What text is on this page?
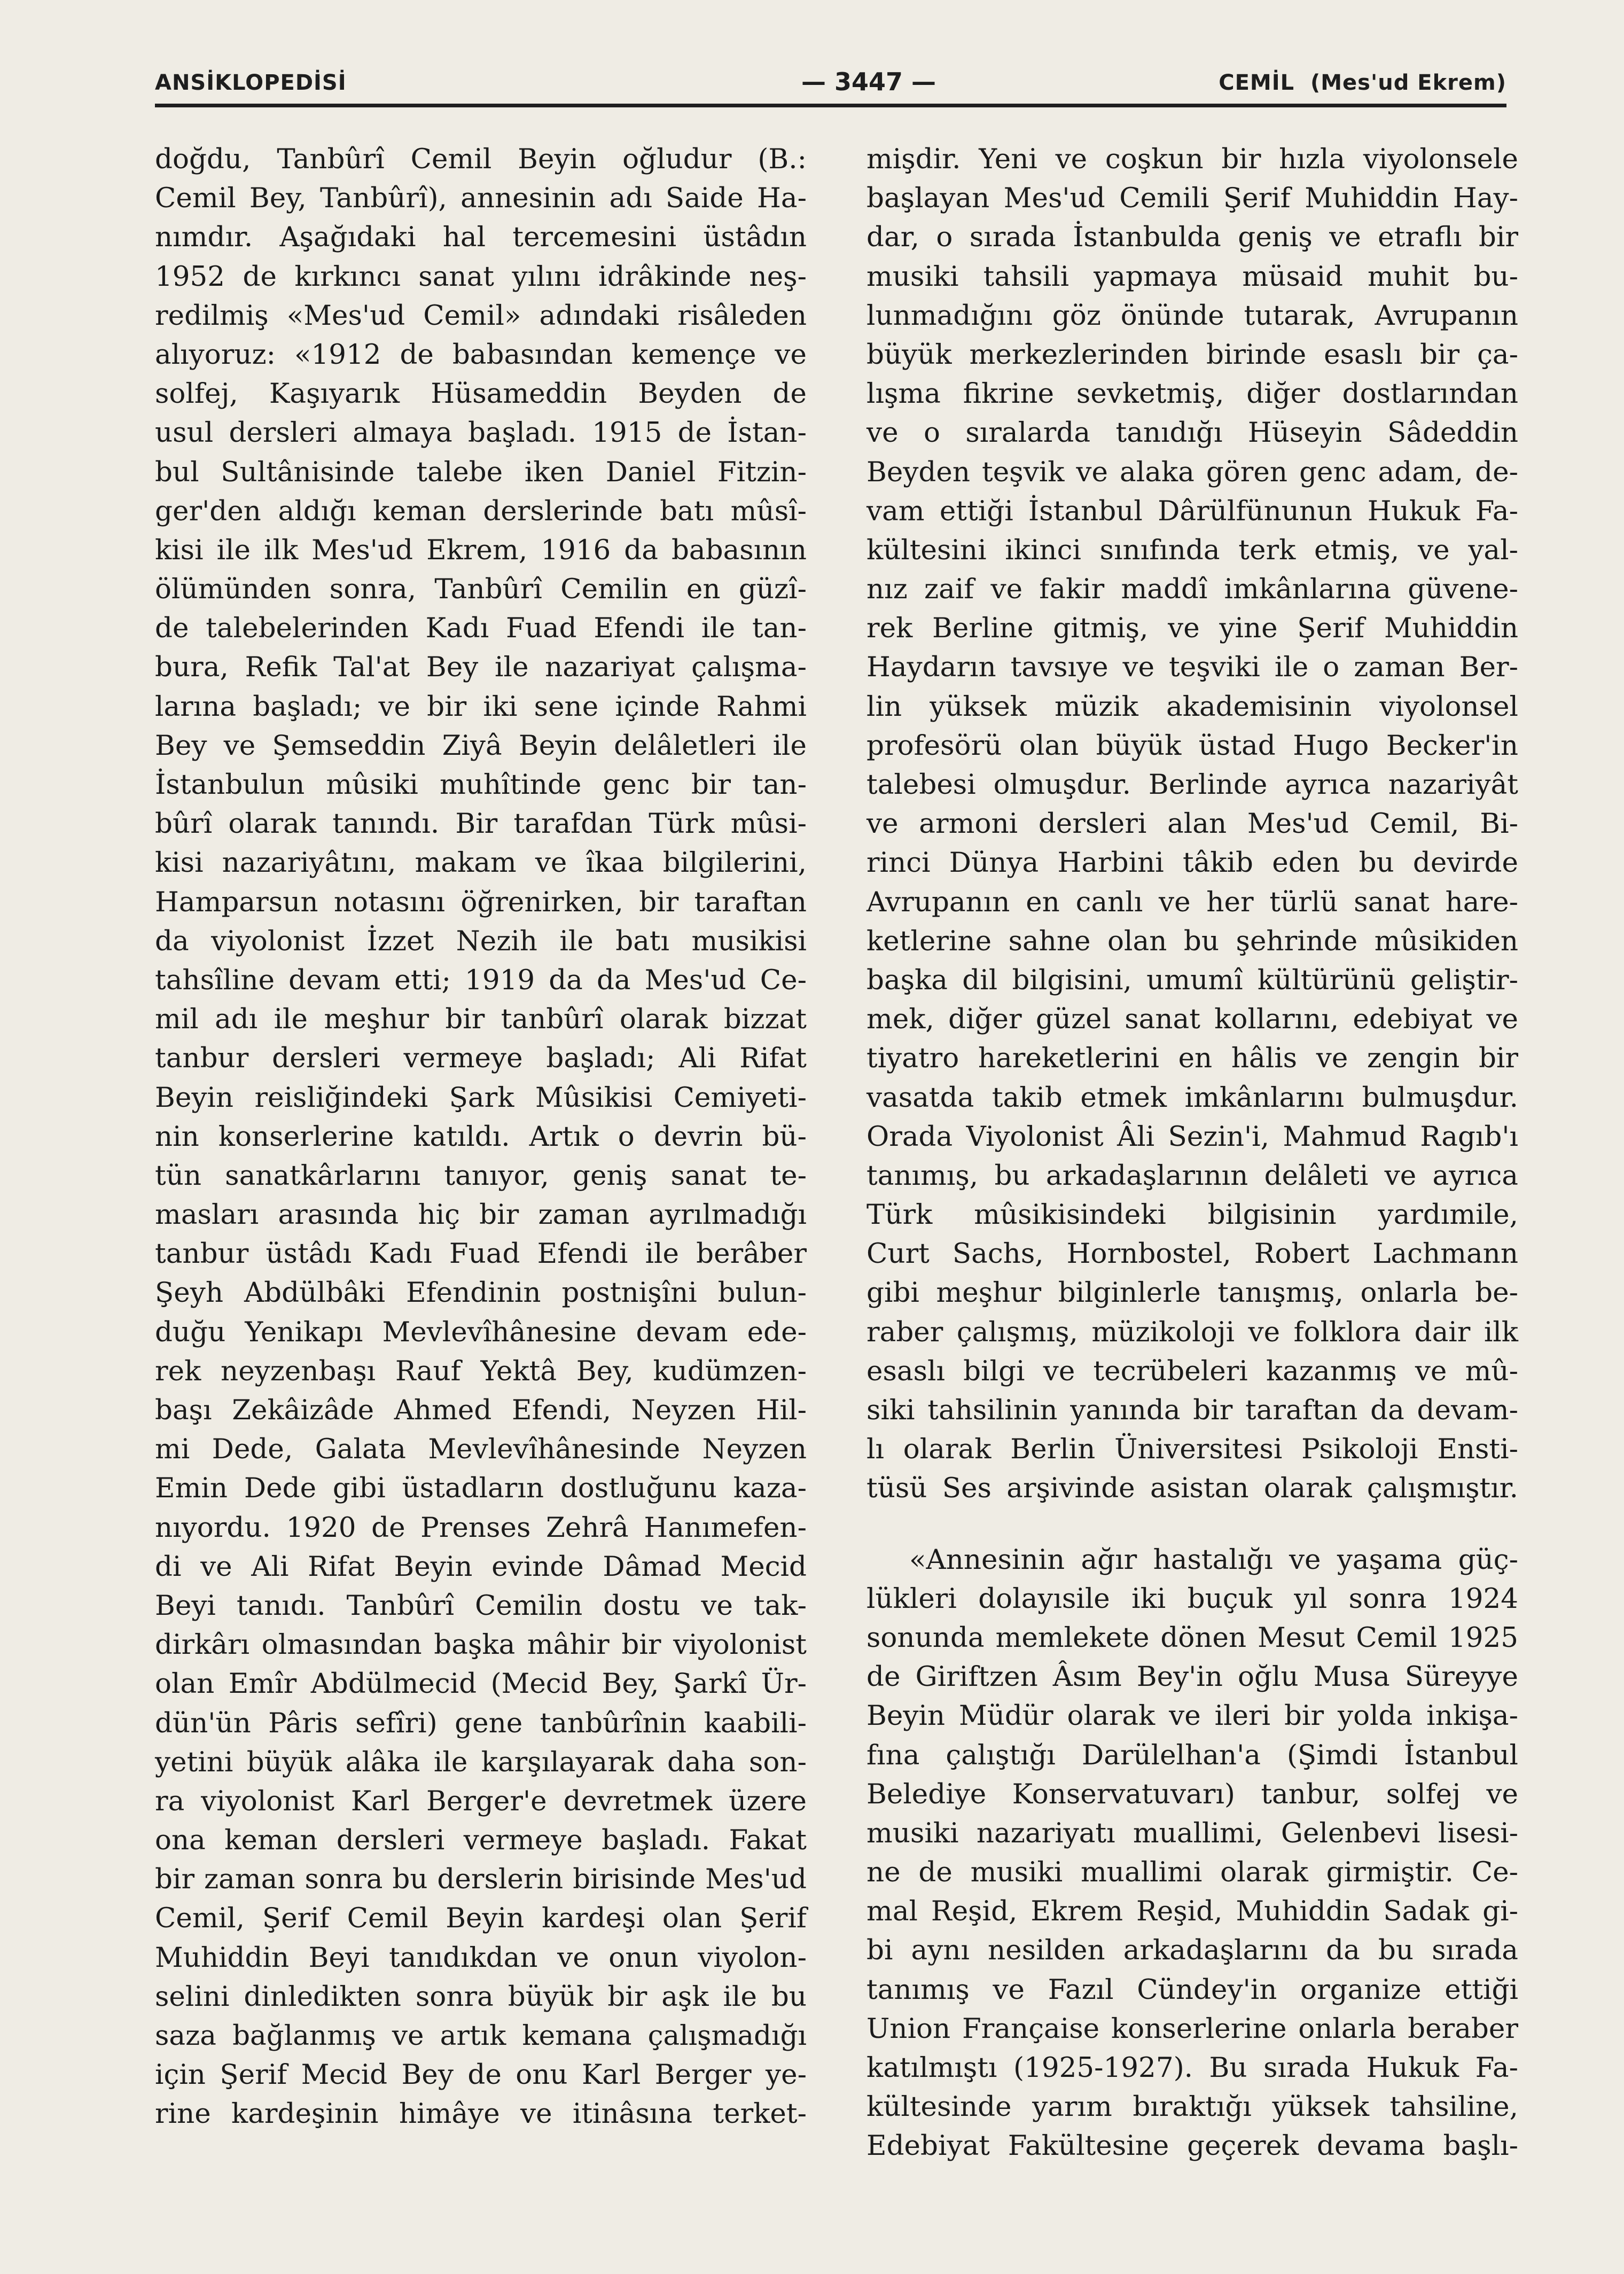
ANSİKLOPEDİSİ	— 3447 —	CEMİL  (Mes'ud Ekrem)
doğdu, Tanbûrî Cemil Beyin oğludur (B.:
Cemil Bey, Tanbûrî), annesinin adı Saide Ha-
nımdır. Aşağıdaki hal tercemesini üstâdın
1952 de kırkıncı sanat yılını idrâkinde neş-
redilmiş «Mes'ud Cemil» adındaki risâleden
alıyoruz: «1912 de babasından kemençe ve
solfej, Kaşıyarık Hüsameddin Beyden de
usul dersleri almaya başladı. 1915 de İstan-
bul Sultânisinde talebe iken Daniel Fitzin-
ger'den aldığı keman derslerinde batı mûsî-
kisi ile ilk Mes'ud Ekrem, 1916 da babasının
ölümünden sonra, Tanbûrî Cemilin en güzî-
de talebelerinden Kadı Fuad Efendi ile tan-
bura, Refik Tal'at Bey ile nazariyat çalışma-
larına başladı; ve bir iki sene içinde Rahmi
Bey ve Şemseddin Ziyâ Beyin delâletleri ile
İstanbulun mûsiki muhîtinde genc bir tan-
bûrî olarak tanındı. Bir tarafdan Türk mûsi-
kisi nazariyâtını, makam ve îkaa bilgilerini,
Hamparsun notasını öğrenirken, bir taraftan
da viyolonist İzzet Nezih ile batı musikisi
tahsîline devam etti; 1919 da da Mes'ud Ce-
mil adı ile meşhur bir tanbûrî olarak bizzat
tanbur dersleri vermeye başladı; Ali Rifat
Beyin reisliğindeki Şark Mûsikisi Cemiyeti-
nin konserlerine katıldı. Artık o devrin bü-
tün sanatkârlarını tanıyor, geniş sanat te-
masları arasında hiç bir zaman ayrılmadığı
tanbur üstâdı Kadı Fuad Efendi ile berâber
Şeyh Abdülbâki Efendinin postnişîni bulun-
duğu Yenikapı Mevlevîhânesine devam ede-
rek neyzenbaşı Rauf Yektâ Bey, kudümzen-
başı Zekâizâde Ahmed Efendi, Neyzen Hil-
mi Dede, Galata Mevlevîhânesinde Neyzen
Emin Dede gibi üstadların dostluğunu kaza-
nıyordu. 1920 de Prenses Zehrâ Hanımefen-
di ve Ali Rifat Beyin evinde Dâmad Mecid
Beyi tanıdı. Tanbûrî Cemilin dostu ve tak-
dirkârı olmasından başka mâhir bir viyolonist
olan Emîr Abdülmecid (Mecid Bey, Şarkî Ür-
dün'ün Pâris sefîri) gene tanbûrînin kaabili-
yetini büyük alâka ile karşılayarak daha son-
ra viyolonist Karl Berger'e devretmek üzere
ona keman dersleri vermeye başladı. Fakat
bir zaman sonra bu derslerin birisinde Mes'ud
Cemil, Şerif Cemil Beyin kardeşi olan Şerif
Muhiddin Beyi tanıdıkdan ve onun viyolon-
selini dinledikten sonra büyük bir aşk ile bu
saza bağlanmış ve artık kemana çalışmadığı
için Şerif Mecid Bey de onu Karl Berger ye-
rine kardeşinin himâye ve itinâsına terket-
mişdir. Yeni ve coşkun bir hızla viyolonsele
başlayan Mes'ud Cemili Şerif Muhiddin Hay-
dar, o sırada İstanbulda geniş ve etraflı bir
musiki tahsili yapmaya müsaid muhit bu-
lunmadığını göz önünde tutarak, Avrupanın
büyük merkezlerinden birinde esaslı bir ça-
lışma fikrine sevketmiş, diğer dostlarından
ve o sıralarda tanıdığı Hüseyin Sâdeddin
Beyden teşvik ve alaka gören genc adam, de-
vam ettiği İstanbul Dârülfünunun Hukuk Fa-
kültesini ikinci sınıfında terk etmiş, ve yal-
nız zaif ve fakir maddî imkânlarına güvene-
rek Berline gitmiş, ve yine Şerif Muhiddin
Haydarın tavsıye ve teşviki ile o zaman Ber-
lin yüksek müzik akademisinin viyolonsel
profesörü olan büyük üstad Hugo Becker'in
talebesi olmuşdur. Berlinde ayrıca nazariyât
ve armoni dersleri alan Mes'ud Cemil, Bi-
rinci Dünya Harbini tâkib eden bu devirde
Avrupanın en canlı ve her türlü sanat hare-
ketlerine sahne olan bu şehrinde mûsikiden
başka dil bilgisini, umumî kültürünü geliştir-
mek, diğer güzel sanat kollarını, edebiyat ve
tiyatro hareketlerini en hâlis ve zengin bir
vasatda takib etmek imkânlarını bulmuşdur.
Orada Viyolonist Âli Sezin'i, Mahmud Ragıb'ı
tanımış, bu arkadaşlarının delâleti ve ayrıca
Türk mûsikisindeki bilgisinin yardımile,
Curt Sachs, Hornbostel, Robert Lachmann
gibi meşhur bilginlerle tanışmış, onlarla be-
raber çalışmış, müzikoloji ve folklora dair ilk
esaslı bilgi ve tecrübeleri kazanmış ve mû-
siki tahsilinin yanında bir taraftan da devam-
lı olarak Berlin Üniversitesi Psikoloji Ensti-
tüsü Ses arşivinde asistan olarak çalışmıştır.
«Annesinin ağır hastalığı ve yaşama güç-
lükleri dolayısile iki buçuk yıl sonra 1924
sonunda memlekete dönen Mesut Cemil 1925
de Giriftzen Âsım Bey'in oğlu Musa Süreyye
Beyin Müdür olarak ve ileri bir yolda inkişa-
fına çalıştığı Darülelhan'a (Şimdi İstanbul
Belediye Konservatuvarı) tanbur, solfej ve
musiki nazariyatı muallimi, Gelenbevi lisesi-
ne de musiki muallimi olarak girmiştir. Ce-
mal Reşid, Ekrem Reşid, Muhiddin Sadak gi-
bi aynı nesilden arkadaşlarını da bu sırada
tanımış ve Fazıl Cündey'in organize ettiği
Union Française konserlerine onlarla beraber
katılmıştı (1925-1927). Bu sırada Hukuk Fa-
kültesinde yarım bıraktığı yüksek tahsiline,
Edebiyat Fakültesine geçerek devama başlı-
